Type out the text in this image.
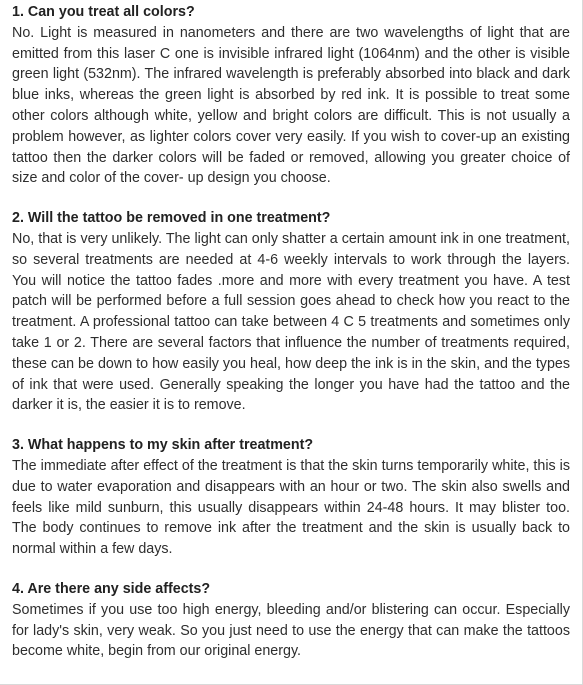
1. Can you treat all colors?

No. Light is measured in nanometers and there are two wavelengths of light that are emitted from this laser C one is invisible infrared light (1064nm) and the other is visible green light (532nm). The infrared wavelength is preferably absorbed into black and dark blue inks, whereas the green light is absorbed by red ink. It is possible to treat some other colors although white, yellow and bright colors are difficult. This is not usually a problem however, as lighter colors cover very easily. If you wish to cover-up an existing tattoo then the darker colors will be faded or removed, allowing you greater choice of size and color of the cover- up design you choose.

2. Will the tattoo be removed in one treatment?

No, that is very unlikely. The light can only shatter a certain amount ink in one treatment, so several treatments are needed at 4-6 weekly intervals to work through the layers. You will notice the tattoo fades .more and more with every treatment you have. A test patch will be performed before a full session goes ahead to check how you react to the treatment. A professional tattoo can take between 4 C 5 treatments and sometimes only take 1 or 2. There are several factors that influence the number of treatments required, these can be down to how easily you heal, how deep the ink is in the skin, and the types of ink that were used. Generally speaking the longer you have had the tattoo and the darker it is, the easier it is to remove.

3. What happens to my skin after treatment?

The immediate after effect of the treatment is that the skin turns temporarily white, this is due to water evaporation and disappears with an hour or two. The skin also swells and feels like mild sunburn, this usually disappears within 24-48 hours. It may blister too. The body continues to remove ink after the treatment and the skin is usually back to normal within a few days.

4. Are there any side affects?

Sometimes if you use too high energy, bleeding and/or blistering can occur. Especially for lady's skin, very weak. So you just need to use the energy that can make the tattoos become white, begin from our original energy.
